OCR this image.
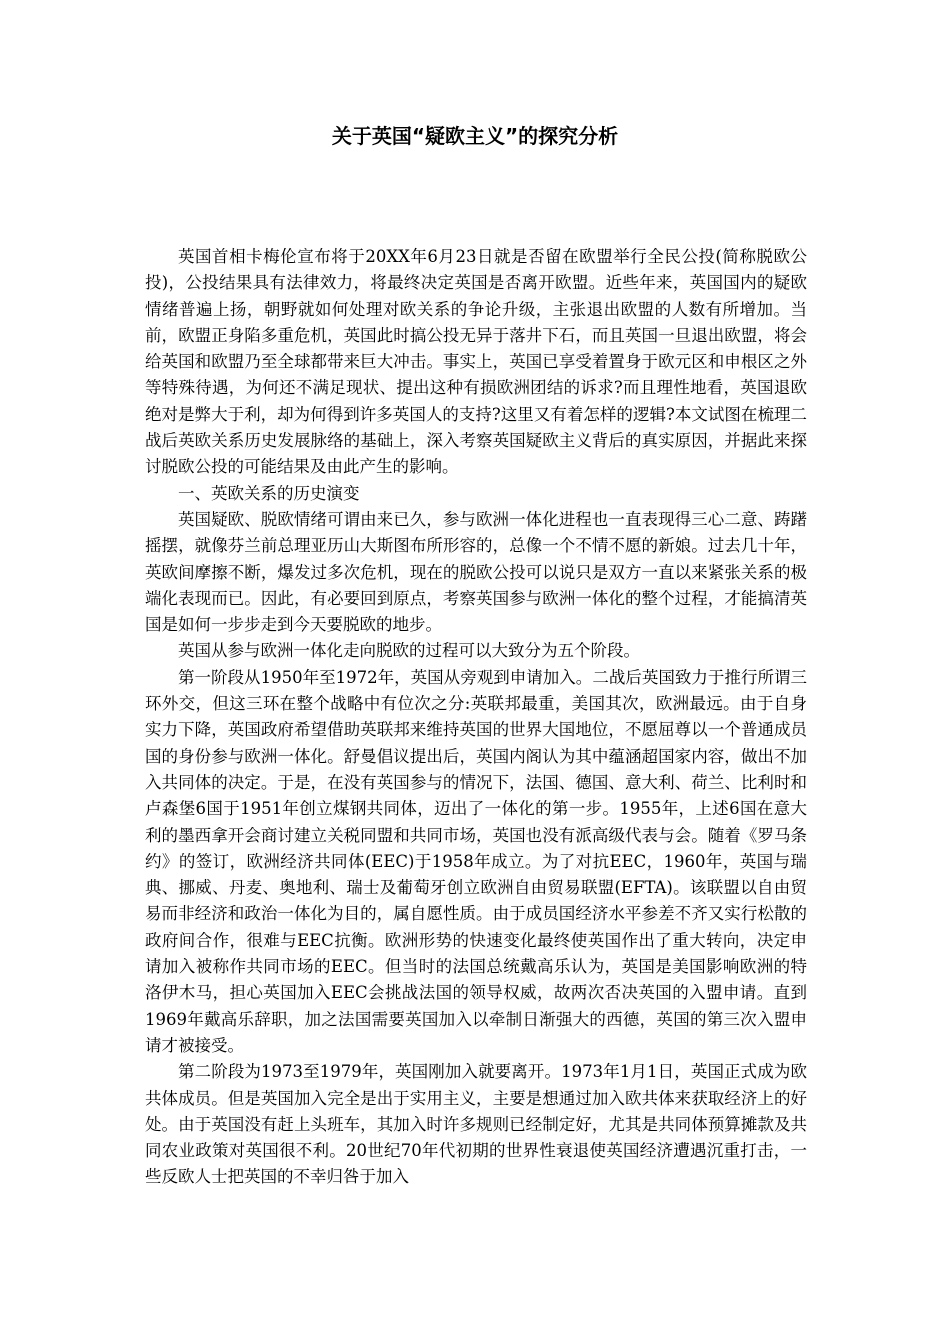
关于英国“疑欧主义”的探究分析

英国首相卡梅伦宣布将于20XX年6月23日就是否留在欧盟举行全民公投(简称脱欧公投)，公投结果具有法律效力，将最终决定英国是否离开欧盟。近些年来，英国国内的疑欧情绪普遍上扬，朝野就如何处理对欧关系的争论升级，主张退出欧盟的人数有所增加。当前，欧盟正身陷多重危机，英国此时搞公投无异于落井下石，而且英国一旦退出欧盟，将会给英国和欧盟乃至全球都带来巨大冲击。事实上，英国已享受着置身于欧元区和申根区之外等特殊待遇，为何还不满足现状、提出这种有损欧洲团结的诉求?而且理性地看，英国退欧绝对是弊大于利，却为何得到许多英国人的支持?这里又有着怎样的逻辑?本文试图在梳理二战后英欧关系历史发展脉络的基础上，深入考察英国疑欧主义背后的真实原因，并据此来探讨脱欧公投的可能结果及由此产生的影响。

一、英欧关系的历史演变

英国疑欧、脱欧情绪可谓由来已久，参与欧洲一体化进程也一直表现得三心二意、踌躇摇摆，就像芬兰前总理亚历山大斯图布所形容的，总像一个不情不愿的新娘。过去几十年，英欧间摩擦不断，爆发过多次危机，现在的脱欧公投可以说只是双方一直以来紧张关系的极端化表现而已。因此，有必要回到原点，考察英国参与欧洲一体化的整个过程，才能搞清英国是如何一步步走到今天要脱欧的地步。

英国从参与欧洲一体化走向脱欧的过程可以大致分为五个阶段。

第一阶段从1950年至1972年，英国从旁观到申请加入。二战后英国致力于推行所谓三环外交，但这三环在整个战略中有位次之分:英联邦最重，美国其次，欧洲最远。由于自身实力下降，英国政府希望借助英联邦来维持英国的世界大国地位，不愿屈尊以一个普通成员国的身份参与欧洲一体化。舒曼倡议提出后，英国内阁认为其中蕴涵超国家内容，做出不加入共同体的决定。于是，在没有英国参与的情况下，法国、德国、意大利、荷兰、比利时和卢森堡6国于1951年创立煤钢共同体，迈出了一体化的第一步。1955年，上述6国在意大利的墨西拿开会商讨建立关税同盟和共同市场，英国也没有派高级代表与会。随着《罗马条约》的签订，欧洲经济共同体(EEC)于1958年成立。为了对抗EEC，1960年，英国与瑞典、挪威、丹麦、奥地利、瑞士及葡萄牙创立欧洲自由贸易联盟(EFTA)。该联盟以自由贸易而非经济和政治一体化为目的，属自愿性质。由于成员国经济水平参差不齐又实行松散的政府间合作，很难与EEC抗衡。欧洲形势的快速变化最终使英国作出了重大转向，决定申请加入被称作共同市场的EEC。但当时的法国总统戴高乐认为，英国是美国影响欧洲的特洛伊木马，担心英国加入EEC会挑战法国的领导权威，故两次否决英国的入盟申请。直到1969年戴高乐辞职，加之法国需要英国加入以牵制日渐强大的西德，英国的第三次入盟申请才被接受。

第二阶段为1973至1979年，英国刚加入就要离开。1973年1月1日，英国正式成为欧共体成员。但是英国加入完全是出于实用主义，主要是想通过加入欧共体来获取经济上的好处。由于英国没有赶上头班车，其加入时许多规则已经制定好，尤其是共同体预算摊款及共同农业政策对英国很不利。20世纪70年代初期的世界性衰退使英国经济遭遇沉重打击，一些反欧人士把英国的不幸归咎于加入
